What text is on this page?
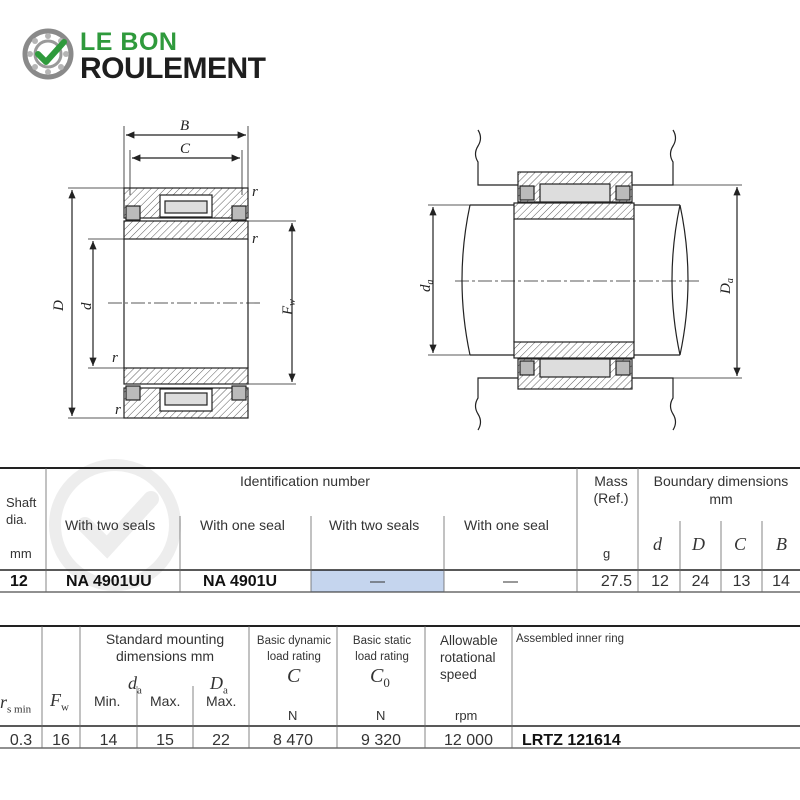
LE BON
ROULEMENT
B
C
D d
r
r
r
r
$F_w$
$d_a$
$D_a$
Shaft
dia.
mm
Identification number
With two seals	With one seal	With two seals	With one seal
Mass
(Ref.)
g
Boundary dimensions
mm
d D C B
12 NA 4901UU	NA 4901U	—	—	27.5	12	24	13	14
Standard mounting
dimensions mm
Basic dynamic
load rating
Basic static
load rating
Allowable
rotational
speed
Assembled inner ring
$r_{s min}$ $F_w$
$d_a$	$D_a$
Min. Max. Max.
C	$C_0$
N	N	rpm
0.3	16	14	15	22	8 470	9 320	12 000	LRTZ 121614
